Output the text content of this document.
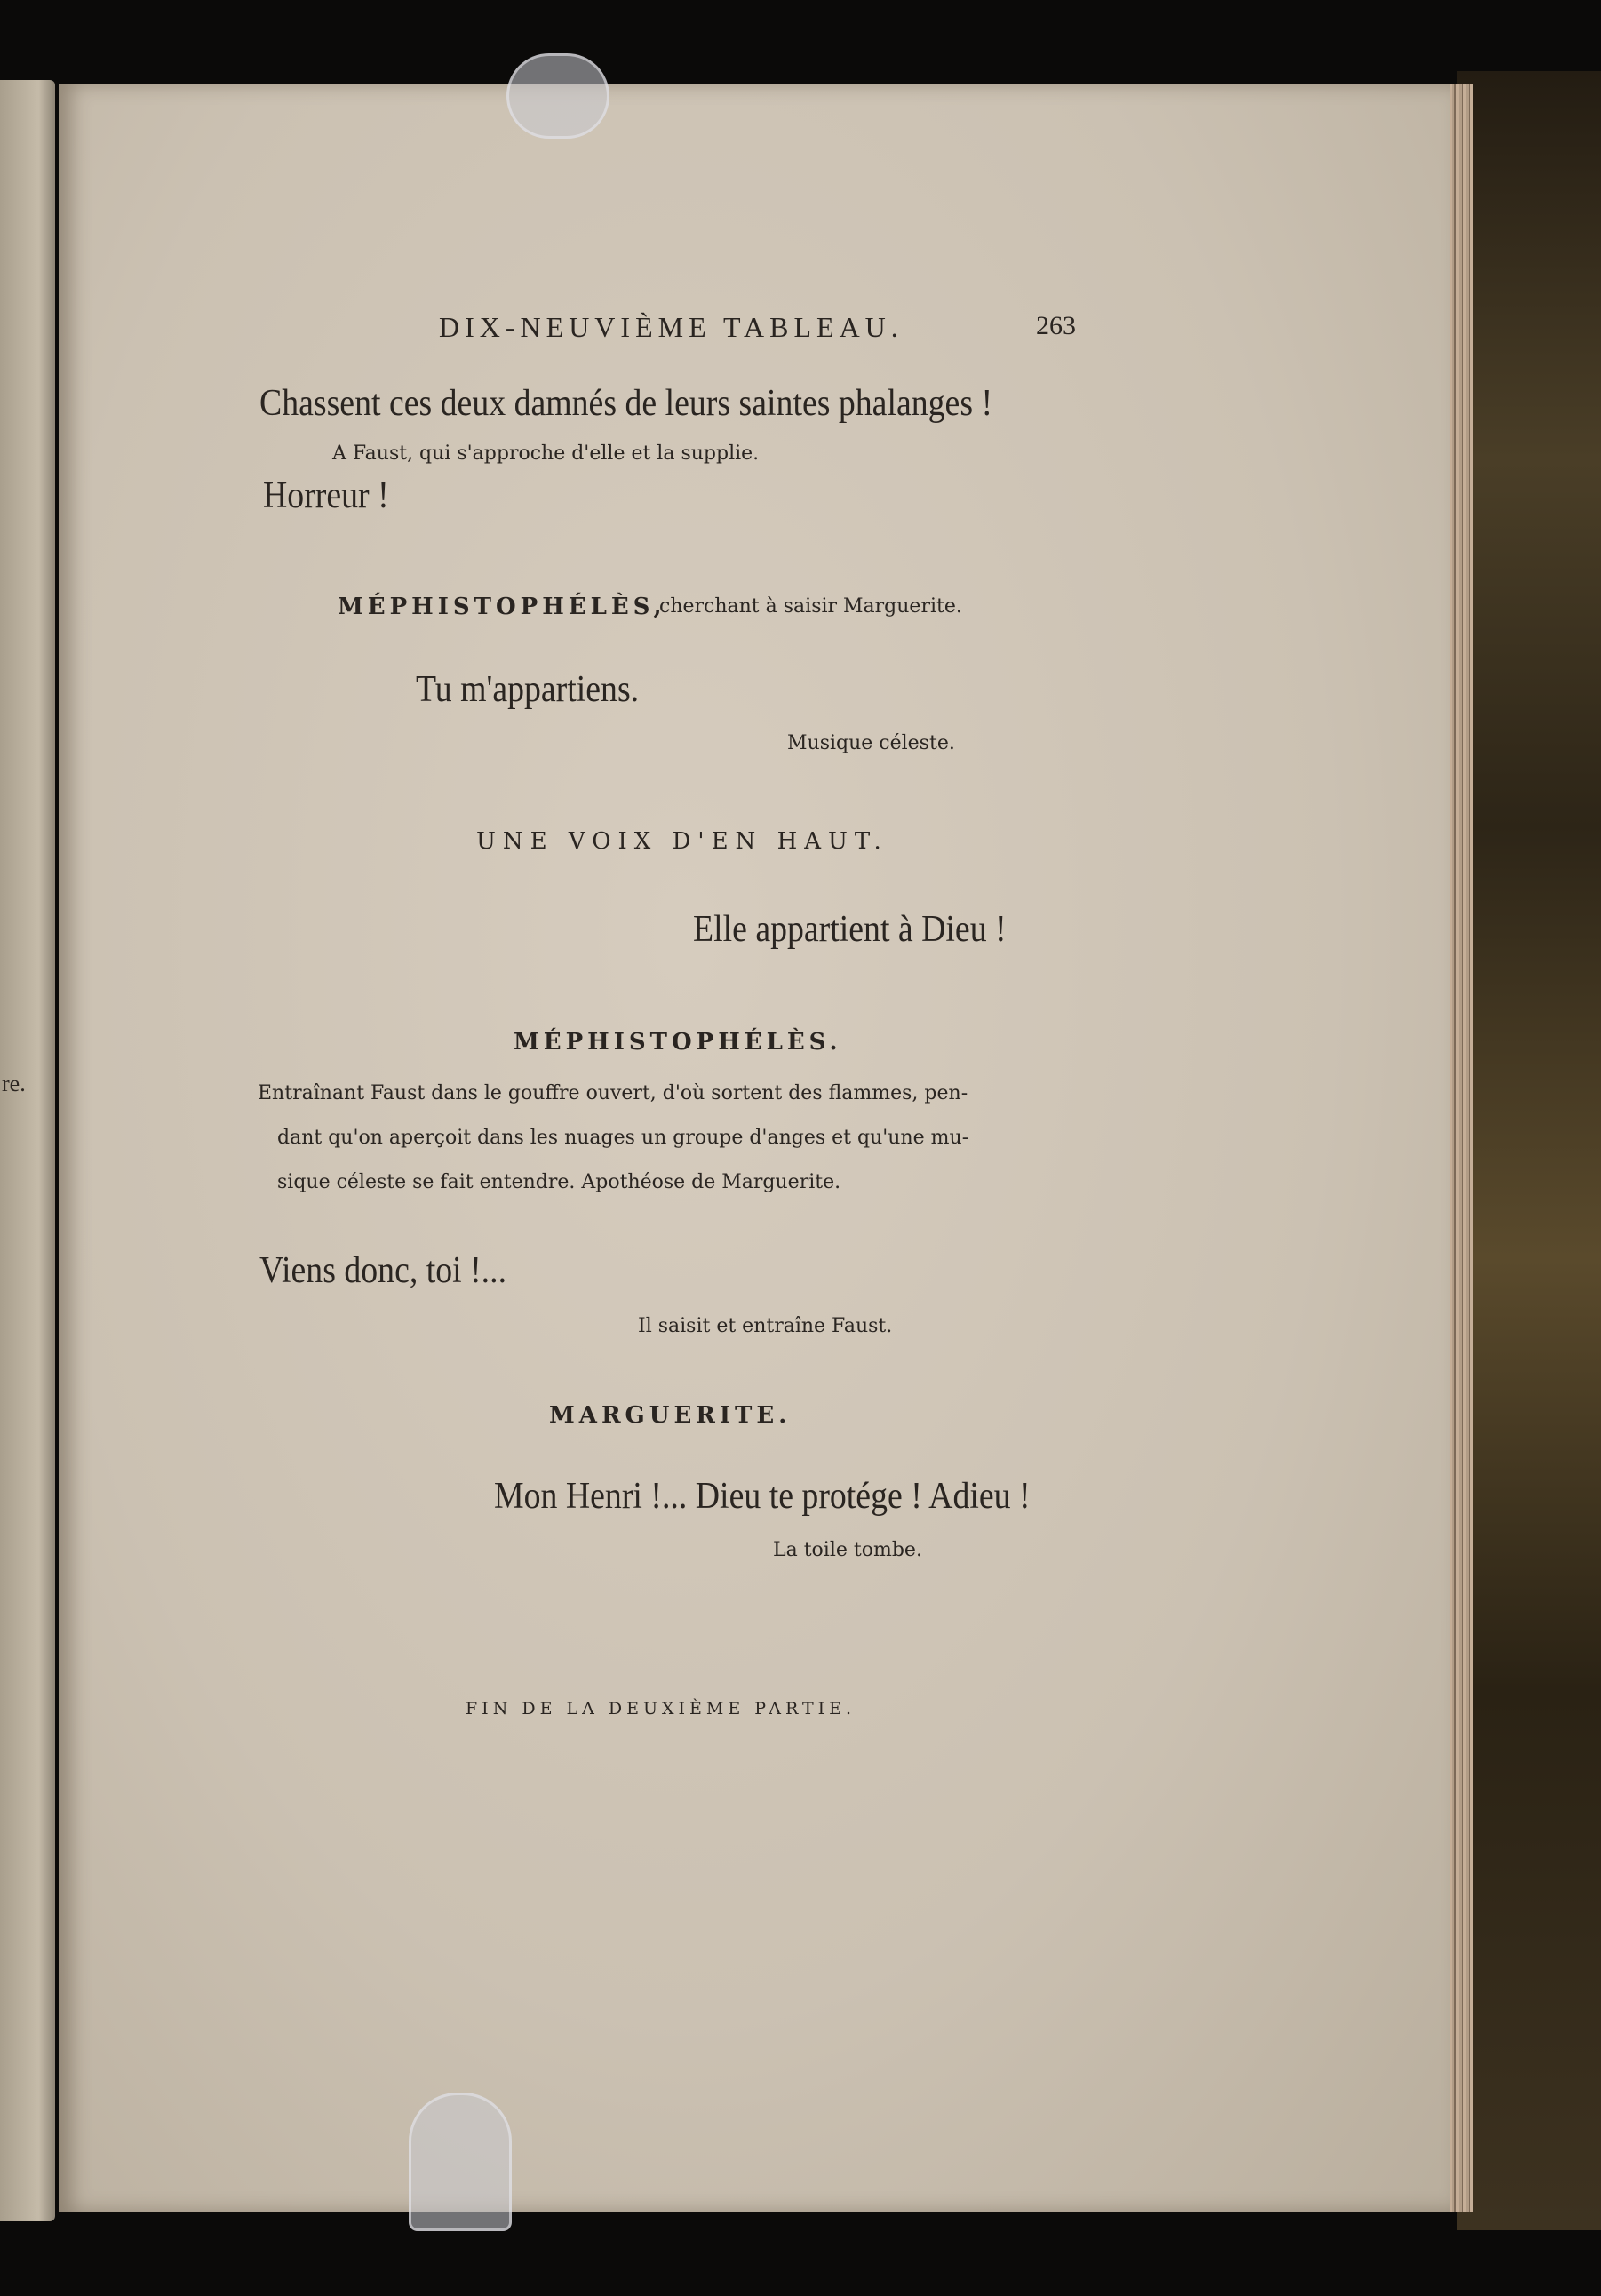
re.
DIX-NEUVIÈME TABLEAU.	263
Chassent ces deux damnés de leurs saintes phalanges !
A Faust, qui s'approche d'elle et la supplie.
Horreur !
MÉPHISTOPHÉLÈS,
cherchant à saisir Marguerite.
Tu m'appartiens.
Musique céleste.
UNE VOIX D'EN HAUT.
Elle appartient à Dieu !
MÉPHISTOPHÉLÈS.
Entraînant Faust dans le gouffre ouvert, d'où sortent des flammes, pen-
dant qu'on aperçoit dans les nuages un groupe d'anges et qu'une mu-
sique céleste se fait entendre. Apothéose de Marguerite.
Viens donc, toi !...
Il saisit et entraîne Faust.
MARGUERITE.
Mon Henri !... Dieu te protége ! Adieu !
La toile tombe.
FIN DE LA DEUXIÈME PARTIE.
